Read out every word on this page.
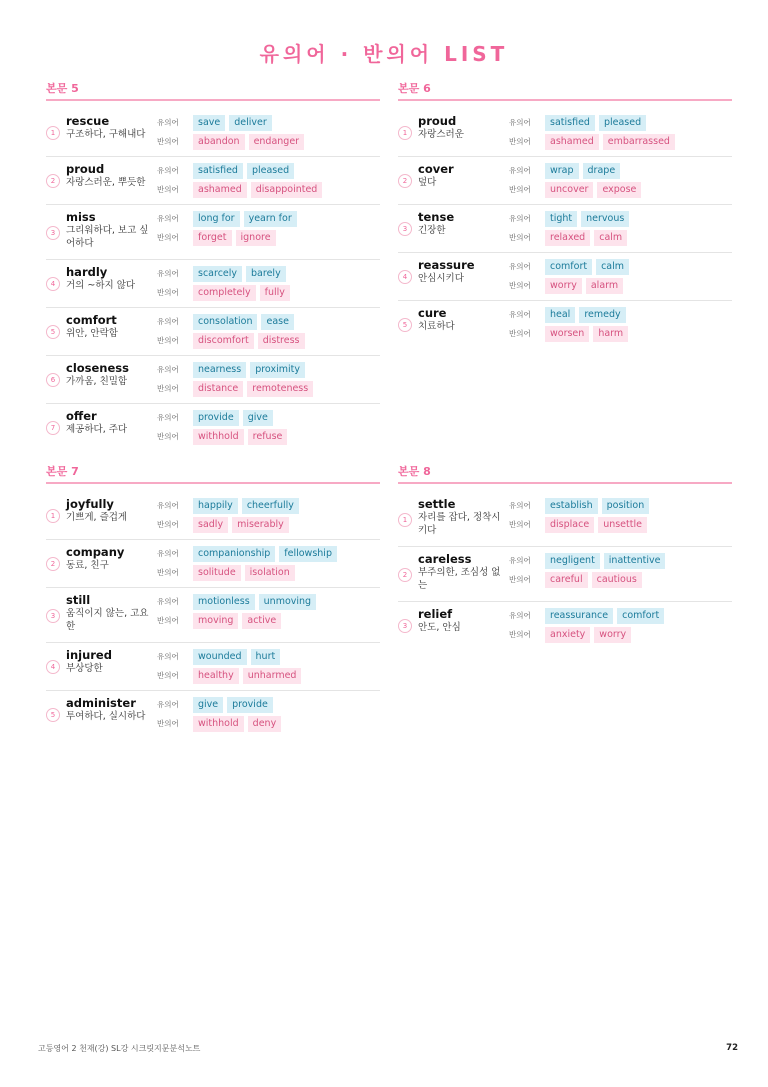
유의어 · 반의어 LIST
본문 5
1
rescue
구조하다, 구해내다
유의어	save	deliver
반의어	abandon	endanger
2
proud
자랑스러운, 뿌듯한
유의어	satisfied	pleased
반의어	ashamed	disappointed
3
miss
그리워하다, 보고 싶어하다
유의어	long for	yearn for
반의어	forget	ignore
4
hardly
거의 ~하지 않다
유의어	scarcely	barely
반의어	completely	fully
5
comfort
위안, 안락함
유의어	consolation	ease
반의어	discomfort	distress
6
closeness
가까움, 친밀함
유의어	nearness	proximity
반의어	distance	remoteness
7
offer
제공하다, 주다
유의어	provide	give
반의어	withhold	refuse
본문 6
1
proud
자랑스러운
유의어	satisfied	pleased
반의어	ashamed	embarrassed
2
cover
덮다
유의어	wrap	drape
반의어	uncover	expose
3
tense
긴장한
유의어	tight	nervous
반의어	relaxed	calm
4
reassure
안심시키다
유의어	comfort	calm
반의어	worry	alarm
5
cure
치료하다
유의어	heal	remedy
반의어	worsen	harm
본문 7
1
joyfully
기쁘게, 즐겁게
유의어	happily	cheerfully
반의어	sadly	miserably
2
company
동료, 친구
유의어	companionship	fellowship
반의어	solitude	isolation
3
still
움직이지 않는, 고요한
유의어	motionless	unmoving
반의어	moving	active
4
injured
부상당한
유의어	wounded	hurt
반의어	healthy	unharmed
5
administer
투여하다, 실시하다
유의어	give	provide
반의어	withhold	deny
본문 8
1
settle
자리를 잡다, 정착시키다
유의어	establish	position
반의어	displace	unsettle
2
careless
부주의한, 조심성 없는
유의어	negligent	inattentive
반의어	careful	cautious
3
relief
안도, 안심
유의어	reassurance	comfort
반의어	anxiety	worry
고등영어 2 천재(강) SL강 시크릿지문분석노트	72
